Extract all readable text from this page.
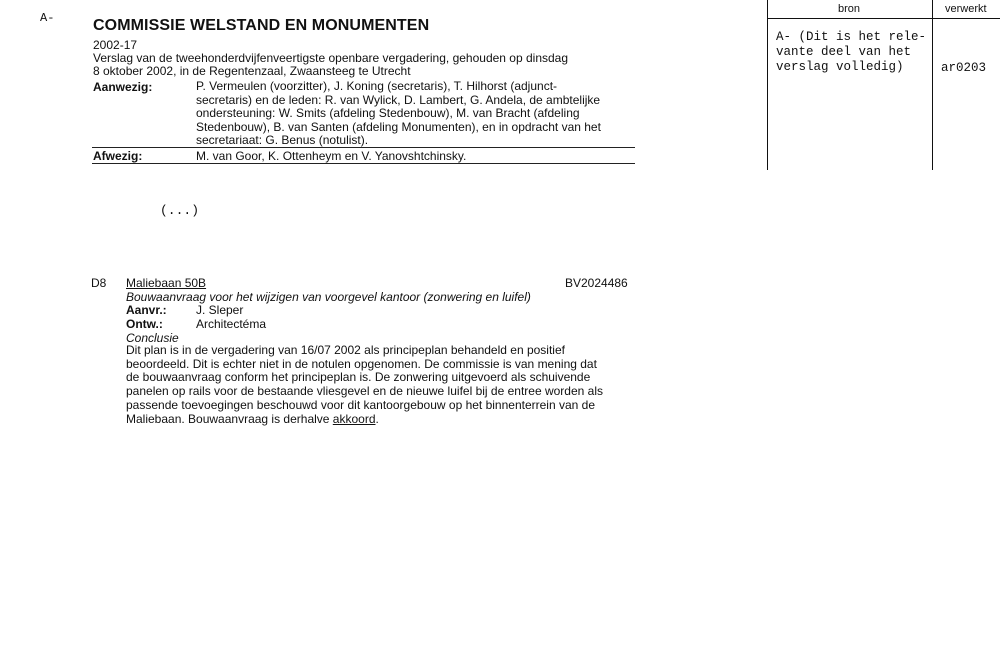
A- COMMISSIE WELSTAND EN MONUMENTEN
2002-17
Verslag van de tweehonderdvijfenveertigste openbare vergadering, gehouden op dinsdag
8 oktober 2002, in de Regentenzaal, Zwaansteeg te Utrecht
Aanwezig:	P. Vermeulen (voorzitter), J. Koning (secretaris), T. Hilhorst (adjunct-
secretaris) en de leden: R. van Wylick, D. Lambert, G. Andela, de ambtelijke
ondersteuning: W. Smits (afdeling Stedenbouw), M. van Bracht (afdeling
Stedenbouw), B. van Santen (afdeling Monumenten), en in opdracht van het
secretariaat: G. Benus (notulist).
Afwezig:	M. van Goor, K. Ottenheym en V. Yanovshtchinsky.
(...)
D8 Maliebaan 50B	BV2024486
Bouwaanvraag voor het wijzigen van voorgevel kantoor (zonwering en luifel)
Aanvr.: J. Sleper
Ontw.:	Architectéma
Conclusie
Dit plan is in de vergadering van 16/07 2002 als principeplan behandeld en positief
beoordeeld. Dit is echter niet in de notulen opgenomen. De commissie is van mening dat
de bouwaanvraag conform het principeplan is. De zonwering uitgevoerd als schuivende
panelen op rails voor de bestaande vliesgevel en de nieuwe luifel bij de entree worden als
passende toevoegingen beschouwd voor dit kantoorgebouw op het binnenterrein van de
Maliebaan. Bouwaanvraag is derhalve akkoord.
bron	verwerkt
A- (Dit is het rele-
vante deel van het
verslag volledig)	ar0203
